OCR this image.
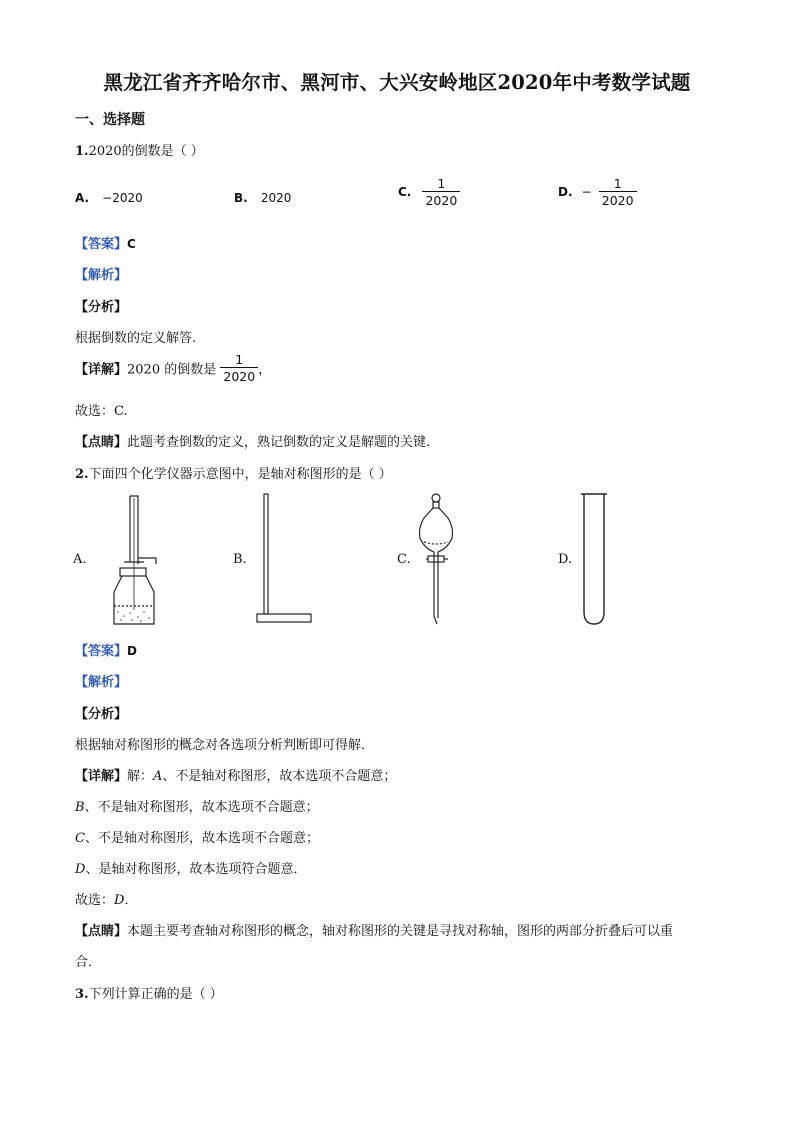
黑龙江省齐齐哈尔市、黑河市、大兴安岭地区2020年中考数学试题
一、选择题
1.2020的倒数是（ ）
A. −2020	B. 2020	C. $\frac{1}{2020}$	D. − $\frac{1}{2020}$
【答案】C
【解析】
【分析】
根据倒数的定义解答.
【详解】2020 的倒数是 $\frac{1}{2020}$ ，
故选：C.
【点睛】此题考查倒数的定义，熟记倒数的定义是解题的关键.
2.下面四个化学仪器示意图中，是轴对称图形的是（ ）
A.	B.	C.	D.
【答案】D
【解析】
【分析】
根据轴对称图形的概念对各选项分析判断即可得解．
【详解】解：A、不是轴对称图形，故本选项不合题意；
B、不是轴对称图形，故本选项不合题意；
C、不是轴对称图形，故本选项不合题意；
D、是轴对称图形，故本选项符合题意．
故选：D．
【点睛】本题主要考查轴对称图形的概念，轴对称图形的关键是寻找对称轴，图形的两部分折叠后可以重
合．
3.下列计算正确的是（ ）
